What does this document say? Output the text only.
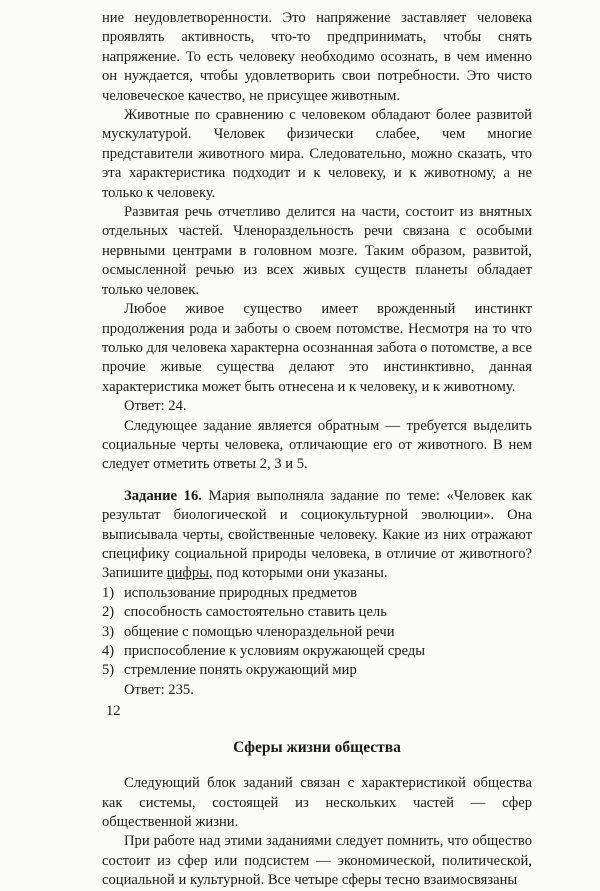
ние неудовлетворенности. Это напряжение заставляет человека проявлять активность, что-то предпринимать, чтобы снять напряжение. То есть человеку необходимо осознать, в чем именно он нуждается, чтобы удовлетворить свои потребности. Это чисто человеческое качество, не присущее животным.

Животные по сравнению с человеком обладают более развитой мускулатурой. Человек физически слабее, чем многие представители животного мира. Следовательно, можно сказать, что эта характеристика подходит и к человеку, и к животному, а не только к человеку.

Развитая речь отчетливо делится на части, состоит из внятных отдельных частей. Членораздельность речи связана с особыми нервными центрами в головном мозге. Таким образом, развитой, осмысленной речью из всех живых существ планеты обладает только человек.

Любое живое существо имеет врожденный инстинкт продолжения рода и заботы о своем потомстве. Несмотря на то что только для человека характерна осознанная забота о потомстве, а все прочие живые существа делают это инстинктивно, данная характеристика может быть отнесена и к человеку, и к животному.

Ответ: 24.

Следующее задание является обратным — требуется выделить социальные черты человека, отличающие его от животного. В нем следует отметить ответы 2, 3 и 5.

Задание 16. Мария выполняла задание по теме: «Человек как результат биологической и социокультурной эволюции». Она выписывала черты, свойственные человеку. Какие из них отражают специфику социальной природы человека, в отличие от животного? Запишите цифры, под которыми они указаны.

1) использование природных предметов
2) способность самостоятельно ставить цель
3) общение с помощью членораздельной речи
4) приспособление к условиям окружающей среды
5) стремление понять окружающий мир

Ответ: 235.

Сферы жизни общества

Следующий блок заданий связан с характеристикой общества как системы, состоящей из нескольких частей — сфер общественной жизни.

При работе над этими заданиями следует помнить, что общество состоит из сфер или подсистем — экономической, политической, социальной и культурной. Все четыре сферы тесно взаимосвязаны

12
